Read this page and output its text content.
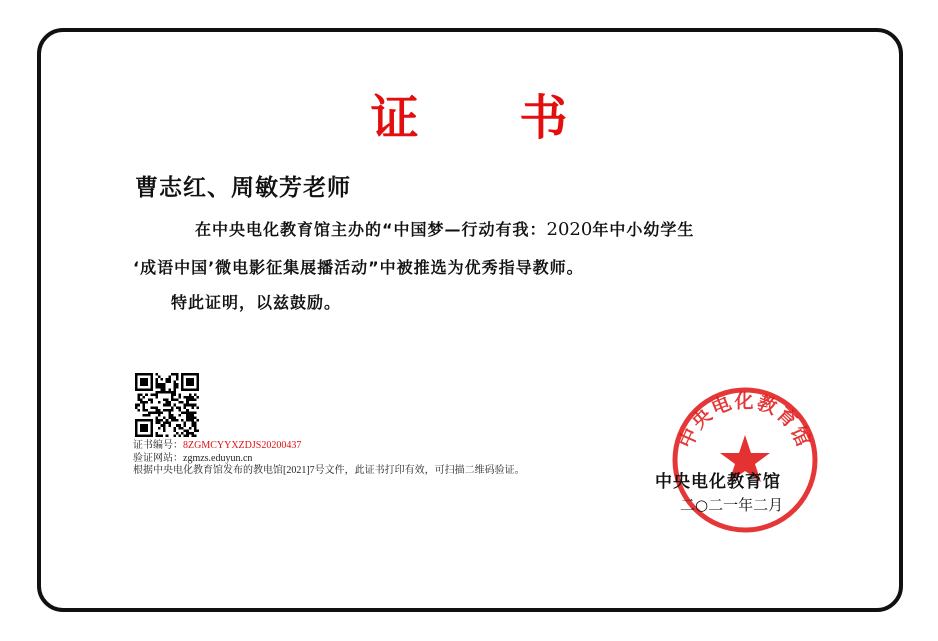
证 书
曹志红、周敏芳老师
在中央电化教育馆主办的“中国梦—行动有我：2020年中小幼学生
‘成语中国’微电影征集展播活动”中被推选为优秀指导教师。
特此证明，以兹鼓励。
证书编号：8ZGMCYYXZDJS20200437
验证网站：zgmzs.eduyun.cn
根据中央电化教育馆发布的教电馆[2021]7号文件，此证书打印有效，可扫描二维码验证。
中央电化教育馆
中央电化教育馆
二○二一年二月
